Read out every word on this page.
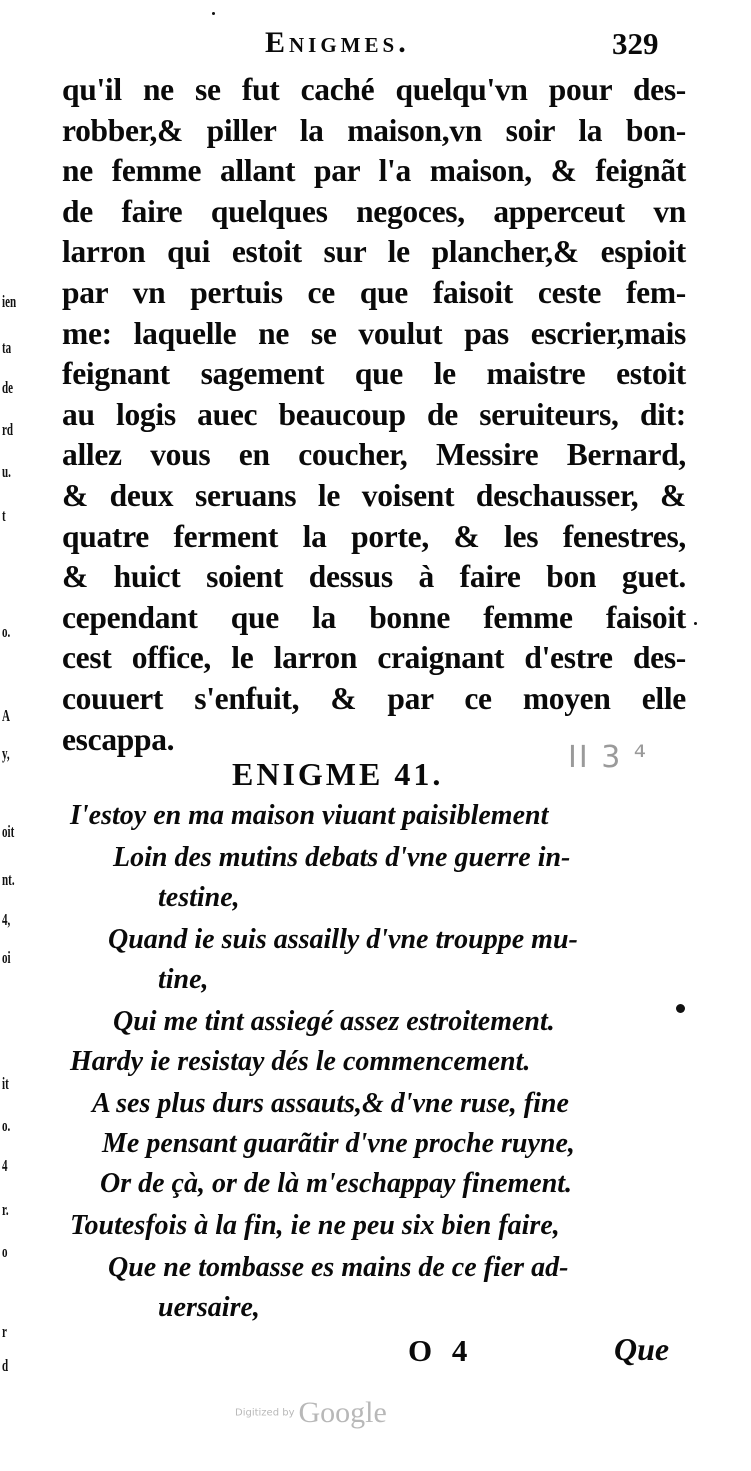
ien
ta
de
rd
u.
t
o.
A
y,
oit
nt.
4,
oi
it
o.
4
r.
o
r
d
Enigmes.	329
qu'il ne se fut caché quelqu'vn pour des-
robber,& piller la maison,vn soir la bon-
ne femme allant par l'a maison, & feignãt
de faire quelques negoces, apperceut vn
larron qui estoit sur le plancher,& espioit
par vn pertuis ce que faisoit ceste fem-
me: laquelle ne se voulut pas escrier,mais
feignant sagement que le maistre estoit
au logis auec beaucoup de seruiteurs, dit:
allez vous en coucher, Messire Bernard,
& deux seruans le voisent deschausser, &
quatre ferment la porte, & les fenestres,
& huict soient dessus à faire bon guet.
cependant que la bonne femme faisoit
cest office, le larron craignant d'estre des-
couuert s'enfuit, & par ce moyen elle
escappa.
ENIGME 41.	II 3 ⁴
I'estoy en ma maison viuant paisiblement
Loin des mutins debats d'vne guerre in-
testine,
Quand ie suis assailly d'vne trouppe mu-
tine,
Qui me tint assiegé assez estroitement.
Hardy ie resistay dés le commencement.
A ses plus durs assauts,& d'vne ruse, fine
Me pensant guarãtir d'vne proche ruyne,
Or de çà, or de là m'eschappay finement.
Toutesfois à la fin, ie ne peu six bien faire,
Que ne tombasse es mains de ce fier ad-
uersaire,
O 4	Que
Digitized by Google
